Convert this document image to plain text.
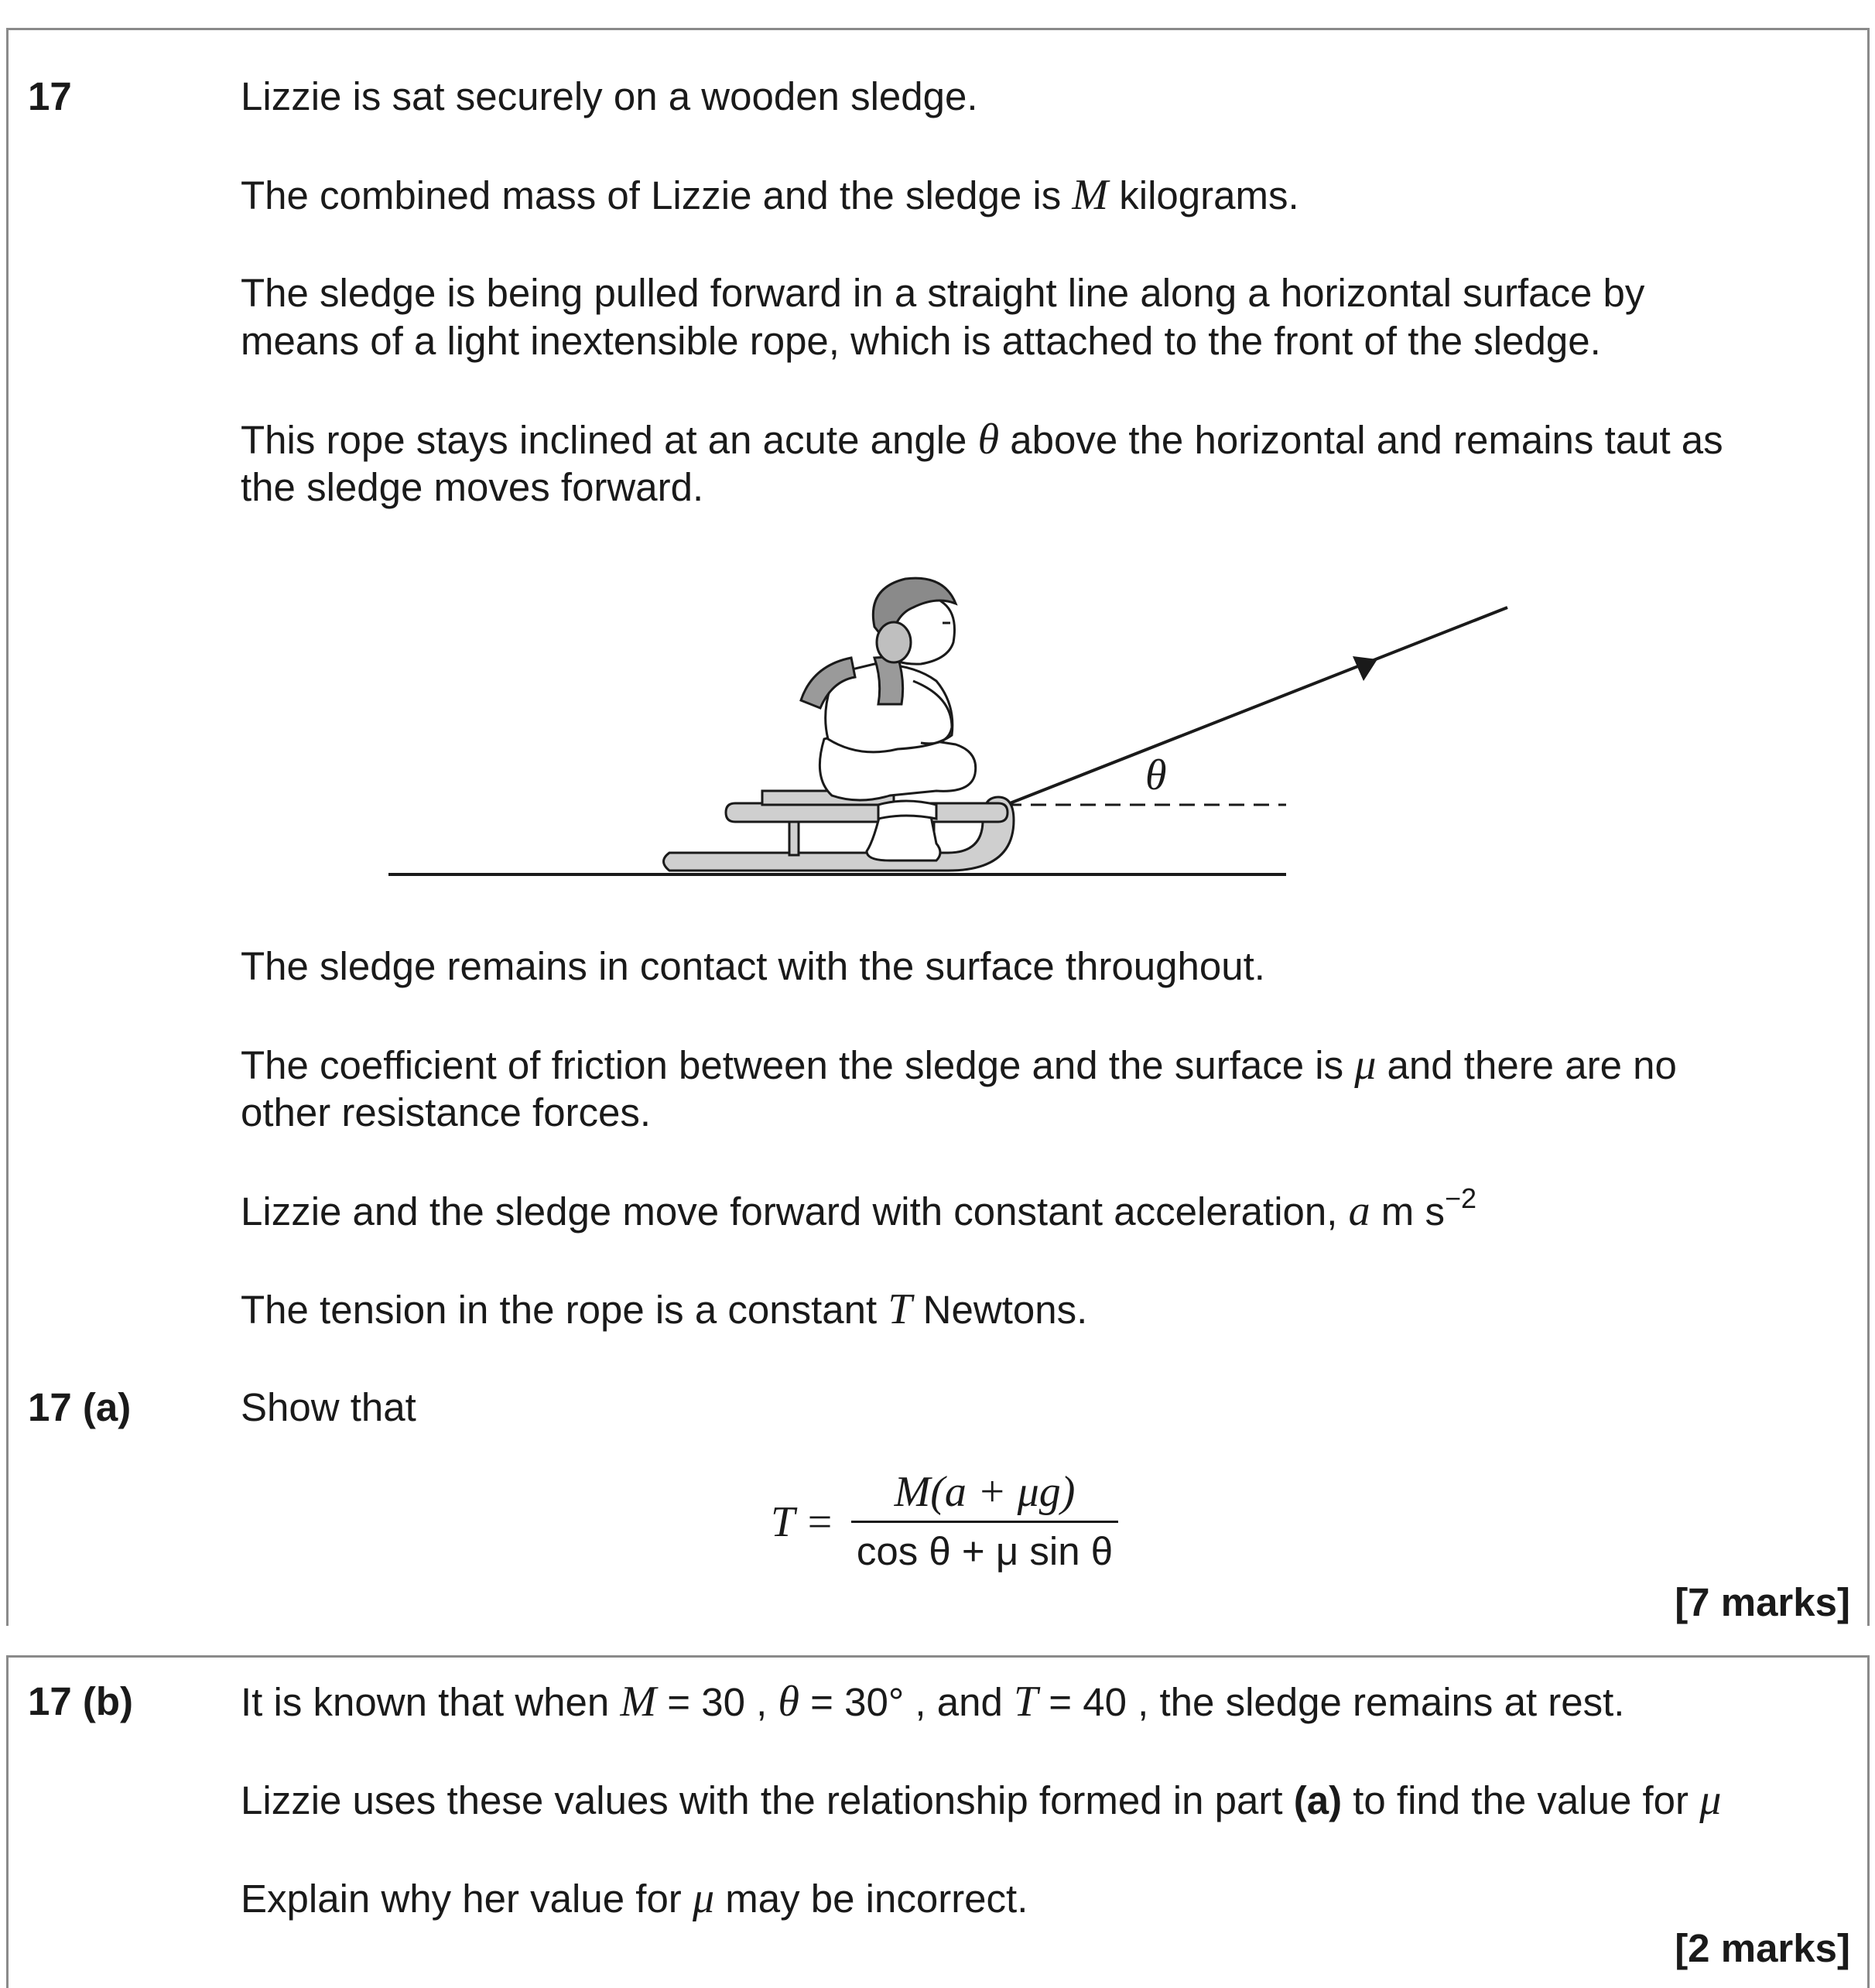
17	Lizzie is sat securely on a wooden sledge.
The combined mass of Lizzie and the sledge is M kilograms.
The sledge is being pulled forward in a straight line along a horizontal surface by
means of a light inextensible rope, which is attached to the front of the sledge.
This rope stays inclined at an acute angle θ above the horizontal and remains taut as
the sledge moves forward.
θ
The sledge remains in contact with the surface throughout.
The coefficient of friction between the sledge and the surface is μ and there are no
other resistance forces.
Lizzie and the sledge move forward with constant acceleration, a m $s^{-2}$
The tension in the rope is a constant T Newtons.
17 (a)	Show that
T =
M(a + μg)
cos θ + μ sin θ
[7 marks]
17 (b)	It is known that when M = 30 , θ = 30° , and T = 40 , the sledge remains at rest.
Lizzie uses these values with the relationship formed in part (a) to find the value for μ
Explain why her value for μ may be incorrect.
[2 marks]
